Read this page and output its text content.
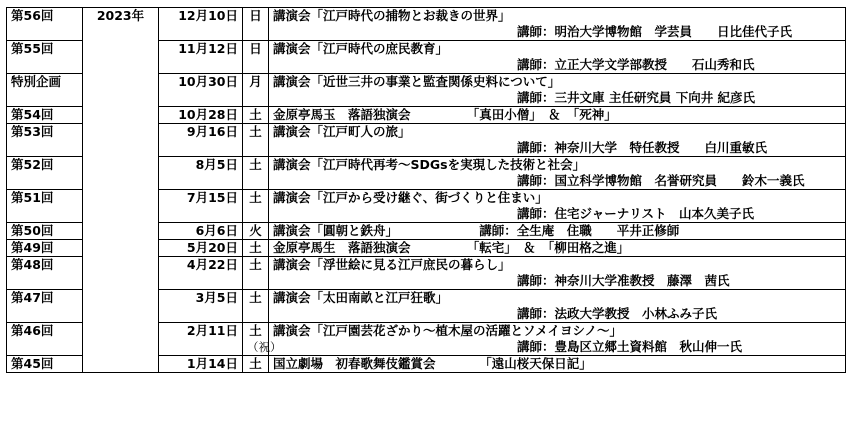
第56回	2023年	12月10日	日	講演会「江戸時代の捕物とお裁きの世界」
講師：明治大学博物館　学芸員　　日比佳代子氏

第55回		11月12日	日	講演会「江戸時代の庶民教育」
講師：立正大学文学部教授　　石山秀和氏

特別企画		10月30日	月	講演会「近世三井の事業と監査関係史料について」
講師：三井文庫 主任研究員 下向井 紀彦氏

第54回		10月28日	土	金原亭馬玉　落語独演会　　　　　「真田小僧」　＆　「死神」

第53回		9月16日	土	講演会「江戸町人の旅」
講師：神奈川大学　特任教授　　白川重敏氏

第52回		8月5日	土	講演会「江戸時代再考～SDGsを実現した技術と社会」
講師：国立科学博物館　名誉研究員　　鈴木一義氏

第51回		7月15日	土	講演会「江戸から受け継ぐ、街づくりと住まい」
講師：住宅ジャーナリスト　山本久美子氏

第50回		6月6日	火	講演会「圓朝と鉄舟」　　　　　　　講師：全生庵　住職　　平井正修師

第49回		5月20日	土	金原亭馬生　落語独演会　　　　　「転宅」　＆　「柳田格之進」

第48回		4月22日	土	講演会「浮世絵に見る江戸庶民の暮らし」
講師：神奈川大学准教授　藤澤　茜氏

第47回		3月5日	土	講演会「太田南畝と江戸狂歌」
講師：法政大学教授　小林ふみ子氏

第46回		2月11日	土
（祝）	講演会「江戸園芸花ざかり～植木屋の活躍とソメイヨシノ～」
講師：豊島区立郷土資料館　秋山伸一氏

第45回		1月14日	土	国立劇場　初春歌舞伎鑑賞会　　　　「遠山桜天保日記」
